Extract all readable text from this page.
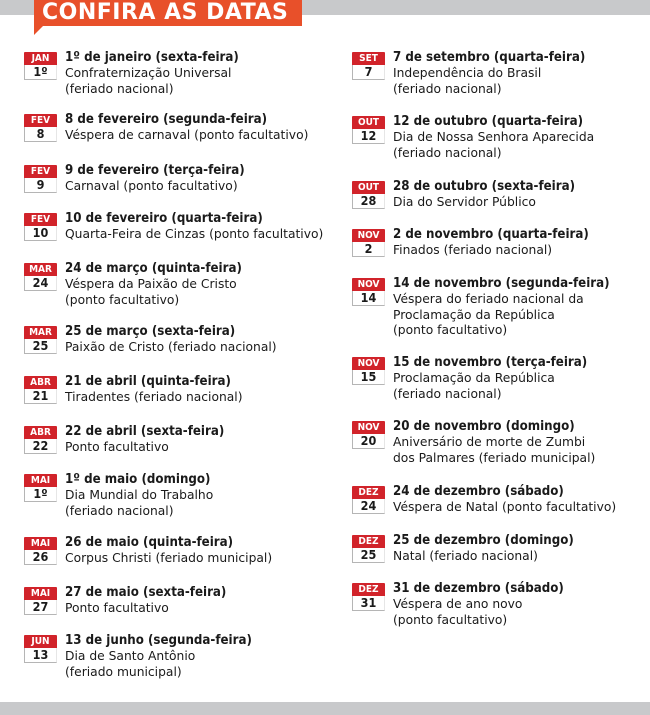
CONFIRA AS DATAS
JAN
1º
1º de janeiro (sexta-feira)
Confraternização Universal
(feriado nacional)
FEV
8
8 de fevereiro (segunda-feira)
Véspera de carnaval (ponto facultativo)
FEV
9
9 de fevereiro (terça-feira)
Carnaval (ponto facultativo)
FEV
10
10 de fevereiro (quarta-feira)
Quarta-Feira de Cinzas (ponto facultativo)
MAR
24
24 de março (quinta-feira)
Véspera da Paixão de Cristo
(ponto facultativo)
MAR
25
25 de março (sexta-feira)
Paixão de Cristo (feriado nacional)
ABR
21
21 de abril (quinta-feira)
Tiradentes (feriado nacional)
ABR
22
22 de abril (sexta-feira)
Ponto facultativo
MAI
1º
1º de maio (domingo)
Dia Mundial do Trabalho
(feriado nacional)
MAI
26
26 de maio (quinta-feira)
Corpus Christi (feriado municipal)
MAI
27
27 de maio (sexta-feira)
Ponto facultativo
JUN
13
13 de junho (segunda-feira)
Dia de Santo Antônio
(feriado municipal)
SET
7
7 de setembro (quarta-feira)
Independência do Brasil
(feriado nacional)
OUT
12
12 de outubro (quarta-feira)
Dia de Nossa Senhora Aparecida
(feriado nacional)
OUT
28
28 de outubro (sexta-feira)
Dia do Servidor Público
NOV
2
2 de novembro (quarta-feira)
Finados (feriado nacional)
NOV
14
14 de novembro (segunda-feira)
Véspera do feriado nacional da
Proclamação da República
(ponto facultativo)
NOV
15
15 de novembro (terça-feira)
Proclamação da República
(feriado nacional)
NOV
20
20 de novembro (domingo)
Aniversário de morte de Zumbi
dos Palmares (feriado municipal)
DEZ
24
24 de dezembro (sábado)
Véspera de Natal (ponto facultativo)
DEZ
25
25 de dezembro (domingo)
Natal (feriado nacional)
DEZ
31
31 de dezembro (sábado)
Véspera de ano novo
(ponto facultativo)
